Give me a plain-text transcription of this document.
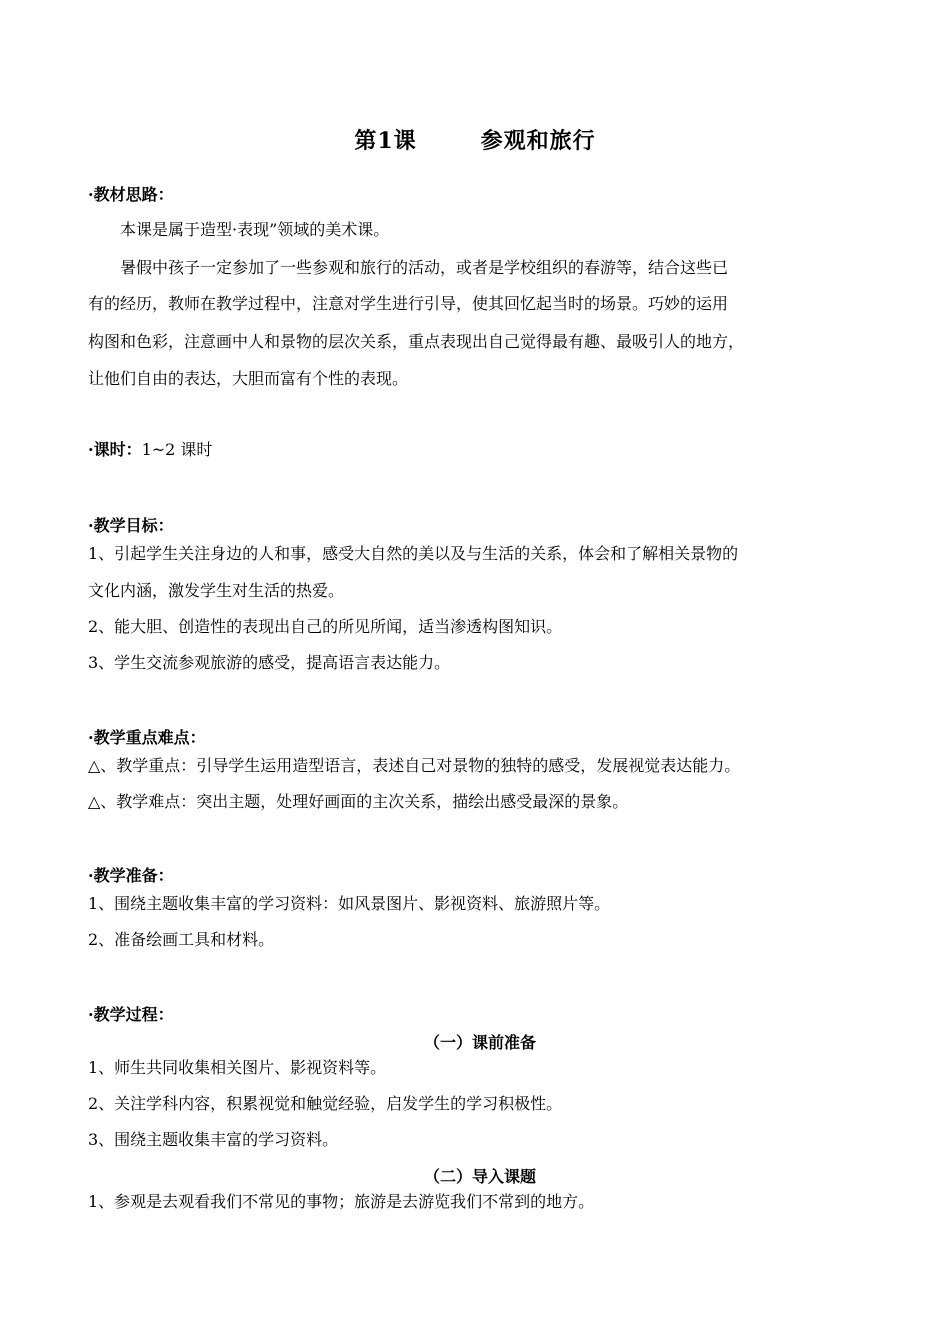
第1课	参观和旅行
·教材思路：
本课是属于造型·表现”领域的美术课。
暑假中孩子一定参加了一些参观和旅行的活动，或者是学校组织的春游等，结合这些已
有的经历，教师在教学过程中，注意对学生进行引导，使其回忆起当时的场景。巧妙的运用
构图和色彩，注意画中人和景物的层次关系，重点表现出自己觉得最有趣、最吸引人的地方，
让他们自由的表达，大胆而富有个性的表现。
·课时：1~2 课时
·教学目标：
1、引起学生关注身边的人和事，感受大自然的美以及与生活的关系，体会和了解相关景物的
文化内涵，激发学生对生活的热爱。
2、能大胆、创造性的表现出自己的所见所闻，适当渗透构图知识。
3、学生交流参观旅游的感受，提高语言表达能力。
·教学重点难点：
△、教学重点：引导学生运用造型语言，表述自己对景物的独特的感受，发展视觉表达能力。
△、教学难点：突出主题，处理好画面的主次关系，描绘出感受最深的景象。
·教学准备：
1、围绕主题收集丰富的学习资料：如风景图片、影视资料、旅游照片等。
2、准备绘画工具和材料。
·教学过程：
（一）课前准备
1、师生共同收集相关图片、影视资料等。
2、关注学科内容，积累视觉和触觉经验，启发学生的学习积极性。
3、围绕主题收集丰富的学习资料。
（二）导入课题
1、参观是去观看我们不常见的事物；旅游是去游览我们不常到的地方。
